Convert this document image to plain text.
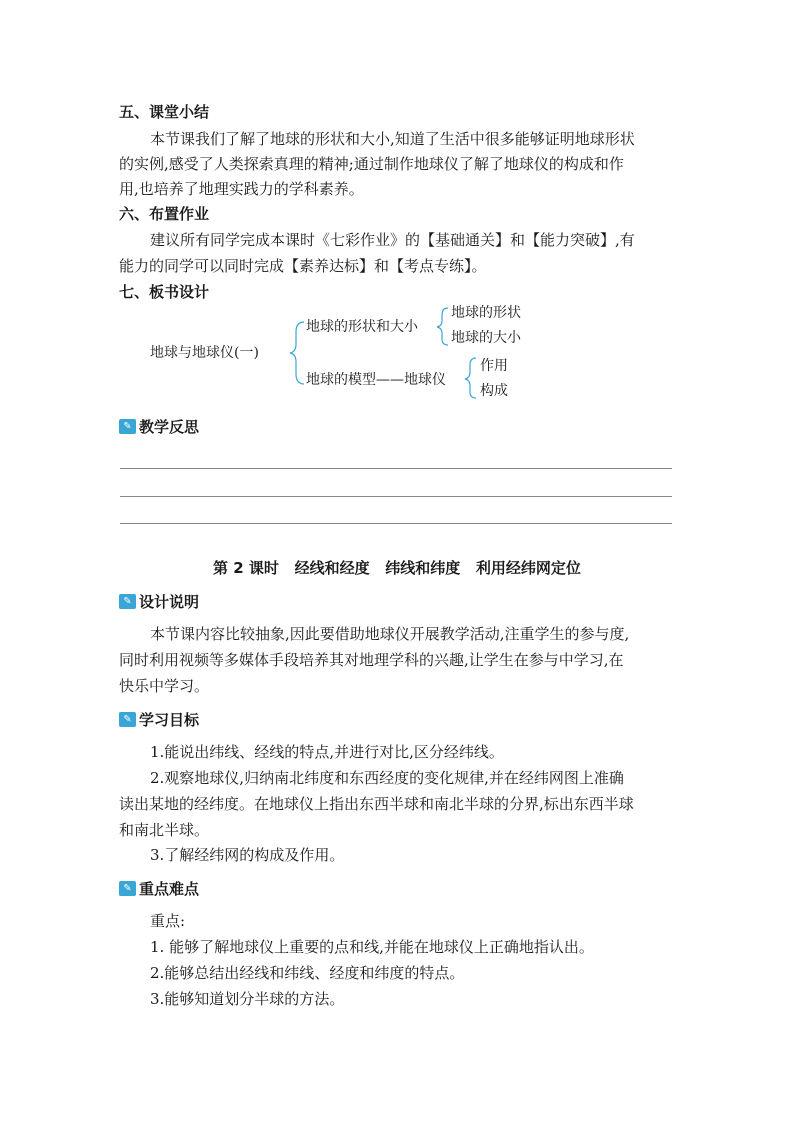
五、课堂小结
本节课我们了解了地球的形状和大小,知道了生活中很多能够证明地球形状
的实例,感受了人类探索真理的精神;通过制作地球仪了解了地球仪的构成和作
用,也培养了地理实践力的学科素养。
六、布置作业
建议所有同学完成本课时《七彩作业》的【基础通关】和【能力突破】,有
能力的同学可以同时完成【素养达标】和【考点专练】。
七、板书设计
地球与地球仪(一)
地球的形状和大小
地球的模型——地球仪
地球的形状
地球的大小
作用
构成
✎ 教学反思
第 2 课时   经线和经度   纬线和纬度   利用经纬网定位
✎ 设计说明
本节课内容比较抽象,因此要借助地球仪开展教学活动,注重学生的参与度,
同时利用视频等多媒体手段培养其对地理学科的兴趣,让学生在参与中学习,在
快乐中学习。
✎ 学习目标
1.能说出纬线、经线的特点,并进行对比,区分经纬线。
2.观察地球仪,归纳南北纬度和东西经度的变化规律,并在经纬网图上准确
读出某地的经纬度。在地球仪上指出东西半球和南北半球的分界,标出东西半球
和南北半球。
3.了解经纬网的构成及作用。
✎ 重点难点
重点:
1. 能够了解地球仪上重要的点和线,并能在地球仪上正确地指认出。
2.能够总结出经线和纬线、经度和纬度的特点。
3.能够知道划分半球的方法。
